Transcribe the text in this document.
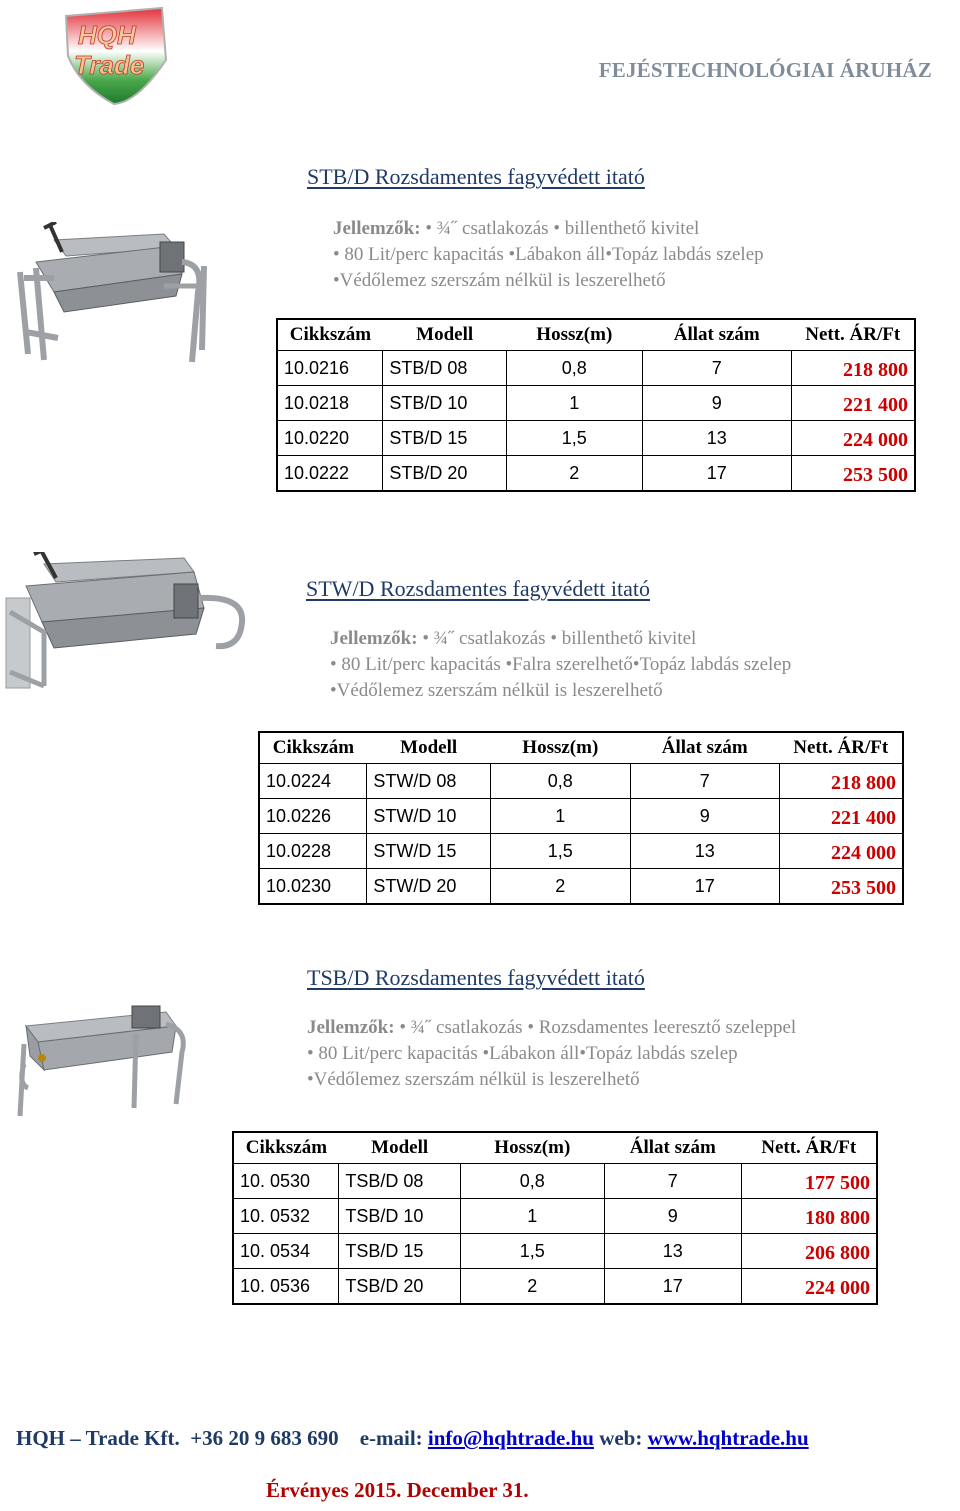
HQH
Trade	FEJÉSTECHNOLÓGIAI ÁRUHÁZ
STB/D Rozsdamentes fagyvédett itató
Jellemzők: • ¾˝ csatlakozás • billenthető kivitel
• 80 Lit/perc kapacitás •Lábakon áll•Topáz labdás szelep
•Védőlemez szerszám nélkül is leszerelhető
Cikkszám	Modell	Hossz(m)	Állat szám	Nett. ÁR/Ft
10.0216	STB/D 08	0,8	7	218 800
10.0218	STB/D 10	1	9	221 400
10.0220	STB/D 15	1,5	13	224 000
10.0222	STB/D 20	2	17	253 500
STW/D Rozsdamentes fagyvédett itató
Jellemzők: • ¾˝ csatlakozás • billenthető kivitel
• 80 Lit/perc kapacitás •Falra szerelhető•Topáz labdás szelep
•Védőlemez szerszám nélkül is leszerelhető
Cikkszám	Modell	Hossz(m)	Állat szám	Nett. ÁR/Ft
10.0224	STW/D 08	0,8	7	218 800
10.0226	STW/D 10	1	9	221 400
10.0228	STW/D 15	1,5	13	224 000
10.0230	STW/D 20	2	17	253 500
TSB/D Rozsdamentes fagyvédett itató
Jellemzők: • ¾˝ csatlakozás • Rozsdamentes leeresztő szeleppel
• 80 Lit/perc kapacitás •Lábakon áll•Topáz labdás szelep
•Védőlemez szerszám nélkül is leszerelhető
Cikkszám	Modell	Hossz(m)	Állat szám	Nett. ÁR/Ft
10. 0530	TSB/D 08	0,8	7	177 500
10. 0532	TSB/D 10	1	9	180 800
10. 0534	TSB/D 15	1,5	13	206 800
10. 0536	TSB/D 20	2	17	224 000
HQH – Trade Kft. +36 20 9 683 690 e-mail: info@hqhtrade.hu web: www.hqhtrade.hu
Érvényes 2015. December 31.
